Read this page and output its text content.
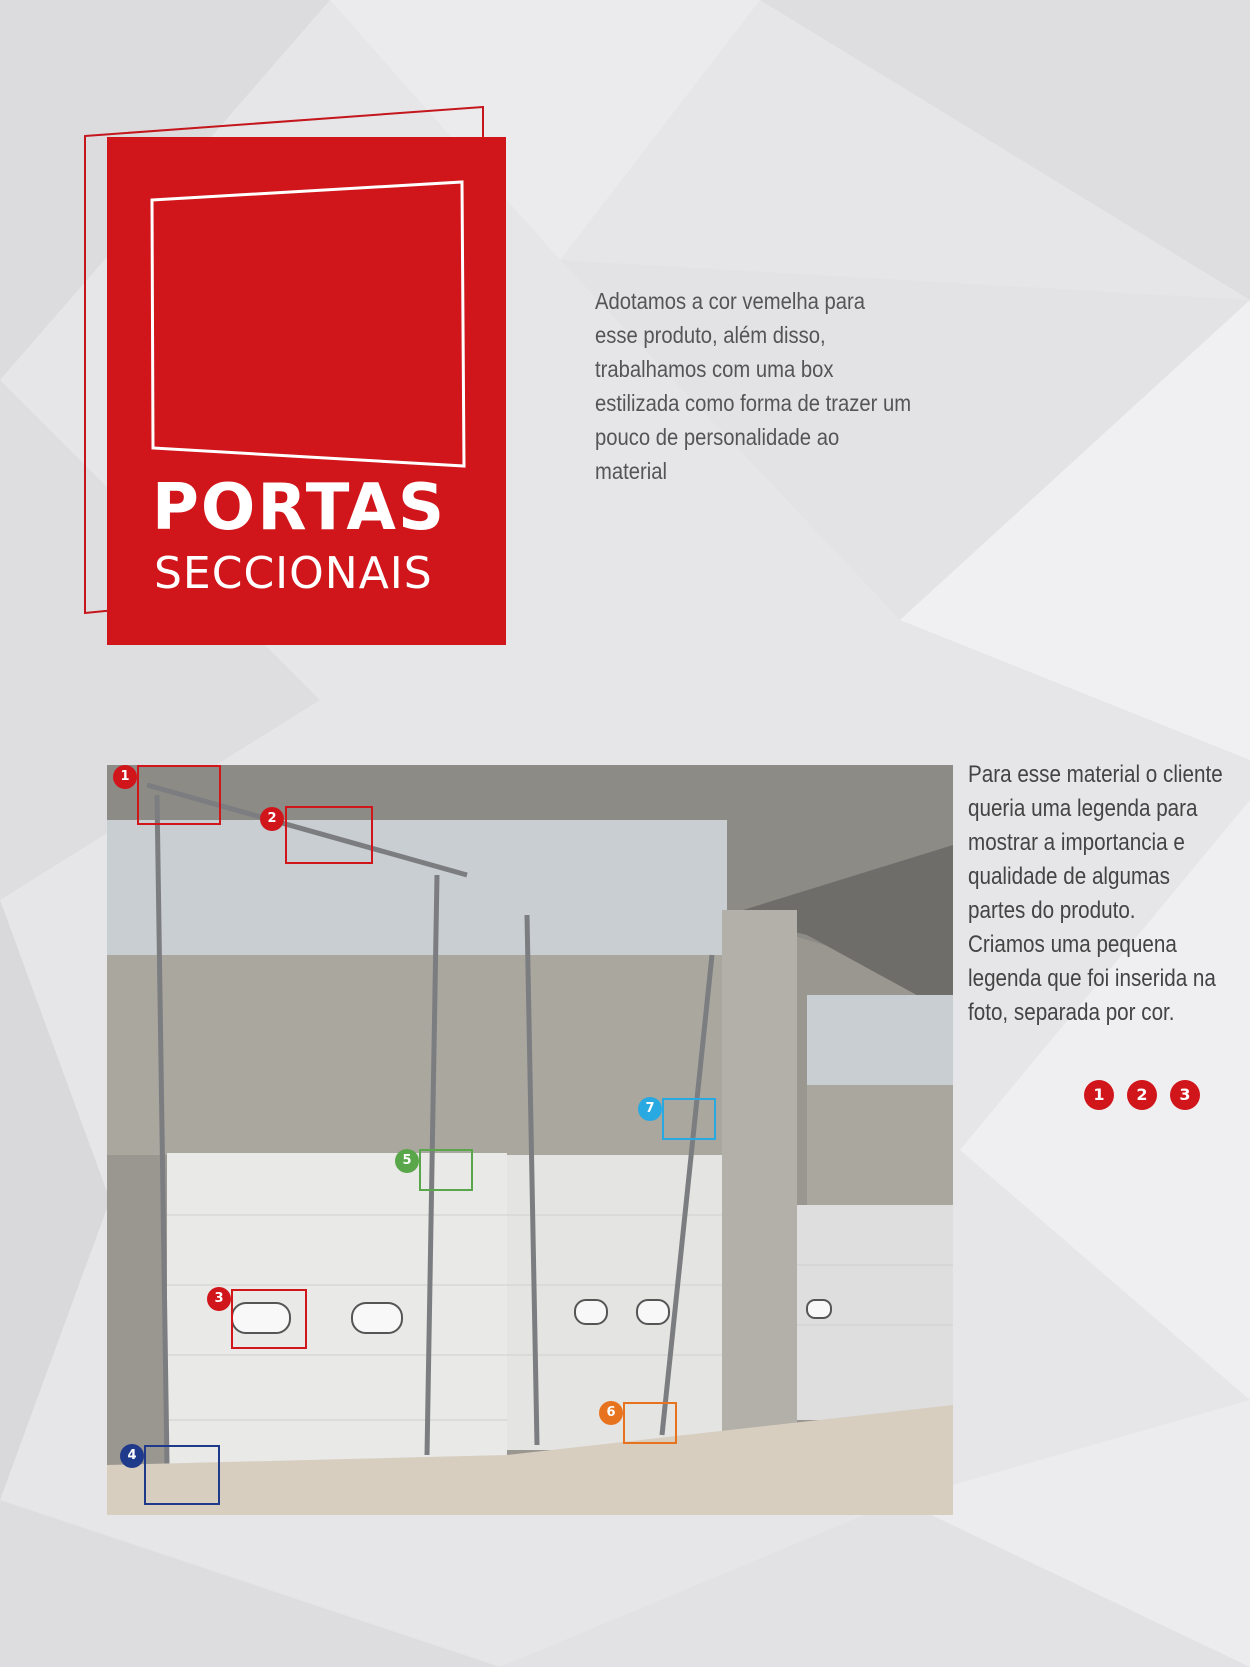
PORTAS
SECCIONAIS

Adotamos a cor vemelha para esse produto, além disso, trabalhamos com uma box estilizada como forma de trazer um pouco de personalidade ao material

1
2
3
4
5
6
7

Para esse material o cliente queria uma legenda para mostrar a importancia e qualidade de algumas partes do produto.

Criamos uma pequena legenda que foi inserida na foto, separada por cor.

1	2	3
